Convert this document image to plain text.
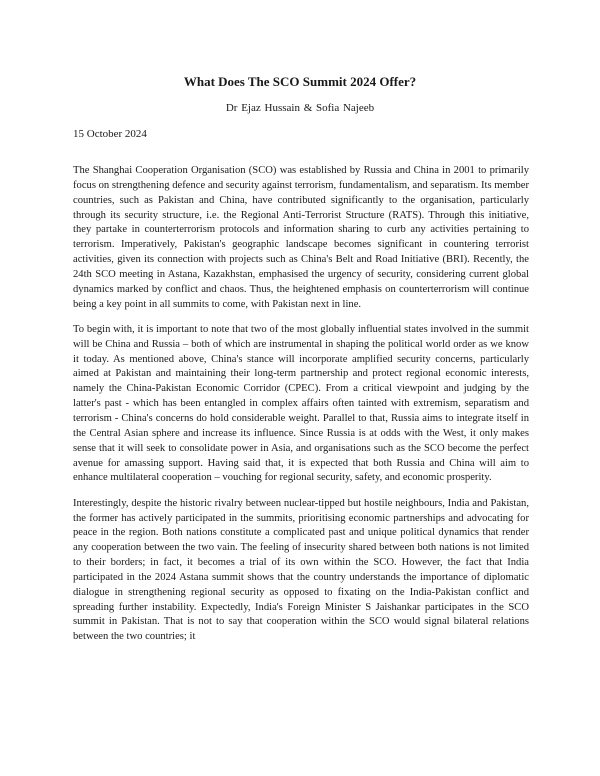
What Does The SCO Summit 2024 Offer?
Dr Ejaz Hussain & Sofia Najeeb
15 October 2024

The Shanghai Cooperation Organisation (SCO) was established by Russia and China in 2001 to primarily focus on strengthening defence and security against terrorism, fundamentalism, and separatism. Its member countries, such as Pakistan and China, have contributed significantly to the organisation, particularly through its security structure, i.e. the Regional Anti-Terrorist Structure (RATS). Through this initiative, they partake in counterterrorism protocols and information sharing to curb any activities pertaining to terrorism. Imperatively, Pakistan's geographic landscape becomes significant in countering terrorist activities, given its connection with projects such as China's Belt and Road Initiative (BRI). Recently, the 24th SCO meeting in Astana, Kazakhstan, emphasised the urgency of security, considering current global dynamics marked by conflict and chaos. Thus, the heightened emphasis on counterterrorism will continue being a key point in all summits to come, with Pakistan next in line.

To begin with, it is important to note that two of the most globally influential states involved in the summit will be China and Russia – both of which are instrumental in shaping the political world order as we know it today. As mentioned above, China's stance will incorporate amplified security concerns, particularly aimed at Pakistan and maintaining their long-term partnership and protect regional economic interests, namely the China-Pakistan Economic Corridor (CPEC). From a critical viewpoint and judging by the latter's past - which has been entangled in complex affairs often tainted with extremism, separatism and terrorism - China's concerns do hold considerable weight. Parallel to that, Russia aims to integrate itself in the Central Asian sphere and increase its influence. Since Russia is at odds with the West, it only makes sense that it will seek to consolidate power in Asia, and organisations such as the SCO become the perfect avenue for amassing support. Having said that, it is expected that both Russia and China will aim to enhance multilateral cooperation – vouching for regional security, safety, and economic prosperity.

Interestingly, despite the historic rivalry between nuclear-tipped but hostile neighbours, India and Pakistan, the former has actively participated in the summits, prioritising economic partnerships and advocating for peace in the region. Both nations constitute a complicated past and unique political dynamics that render any cooperation between the two vain. The feeling of insecurity shared between both nations is not limited to their borders; in fact, it becomes a trial of its own within the SCO. However, the fact that India participated in the 2024 Astana summit shows that the country understands the importance of diplomatic dialogue in strengthening regional security as opposed to fixating on the India-Pakistan conflict and spreading further instability. Expectedly, India's Foreign Minister S Jaishankar participates in the SCO summit in Pakistan. That is not to say that cooperation within the SCO would signal bilateral relations between the two countries; it
